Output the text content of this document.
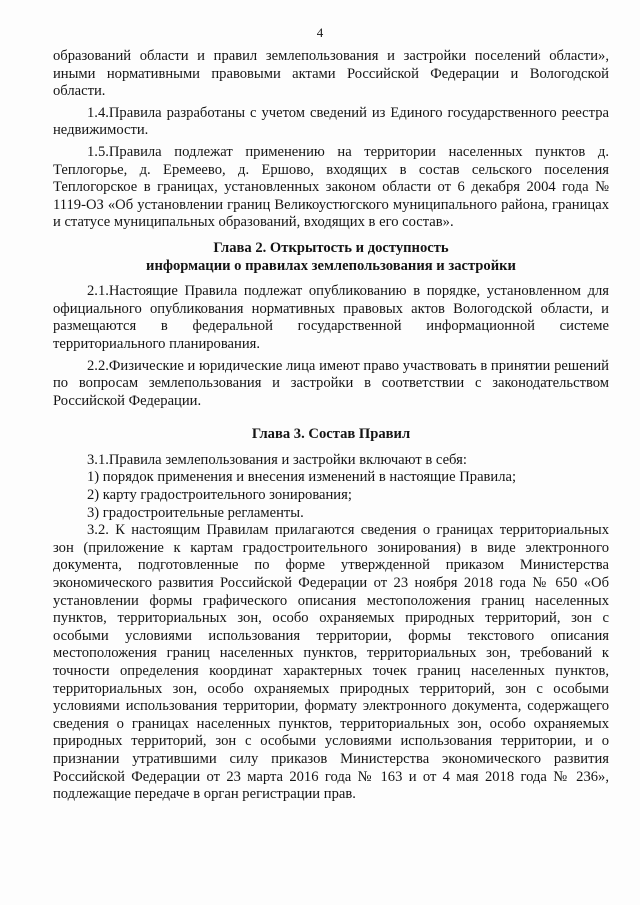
4

образований области и правил землепользования и застройки поселений области», иными нормативными правовыми актами Российской Федерации и Вологодской области.

1.4.Правила разработаны с учетом сведений из Единого государственного реестра недвижимости.

1.5.Правила подлежат применению на территории населенных пунктов д. Теплогорье, д. Еремеево, д. Ершово, входящих в состав сельского поселения Теплогорское в границах, установленных законом области от 6 декабря 2004 года № 1119-ОЗ «Об установлении границ Великоустюгского муниципального района, границах и статусе муниципальных образований, входящих в его состав».

Глава 2. Открытость и доступность

информации о правилах землепользования и застройки

2.1.Настоящие Правила подлежат опубликованию в порядке, установленном для официального опубликования нормативных правовых актов Вологодской области, и размещаются в федеральной государственной информационной системе территориального планирования.

2.2.Физические и юридические лица имеют право участвовать в принятии решений по вопросам землепользования и застройки в соответствии с законодательством Российской Федерации.

Глава 3. Состав Правил

3.1.Правила землепользования и застройки включают в себя:

1) порядок применения и внесения изменений в настоящие Правила;

2) карту градостроительного зонирования;

3) градостроительные регламенты.

3.2. К настоящим Правилам прилагаются сведения о границах территориальных зон (приложение к картам градостроительного зонирования) в виде электронного документа, подготовленные по форме утвержденной приказом Министерства экономического развития Российской Федерации от 23 ноября 2018 года № 650 «Об установлении формы графического описания местоположения границ населенных пунктов, территориальных зон, особо охраняемых природных территорий, зон с особыми условиями использования территории, формы текстового описания местоположения границ населенных пунктов, территориальных зон, требований к точности определения координат характерных точек границ населенных пунктов, территориальных зон, особо охраняемых природных территорий, зон с особыми условиями использования территории, формату электронного документа, содержащего сведения о границах населенных пунктов, территориальных зон, особо охраняемых природных территорий, зон с особыми условиями использования территории, и о признании утратившими силу приказов Министерства экономического развития Российской Федерации от 23 марта 2016 года № 163 и от 4 мая 2018 года № 236», подлежащие передаче в орган регистрации прав.
